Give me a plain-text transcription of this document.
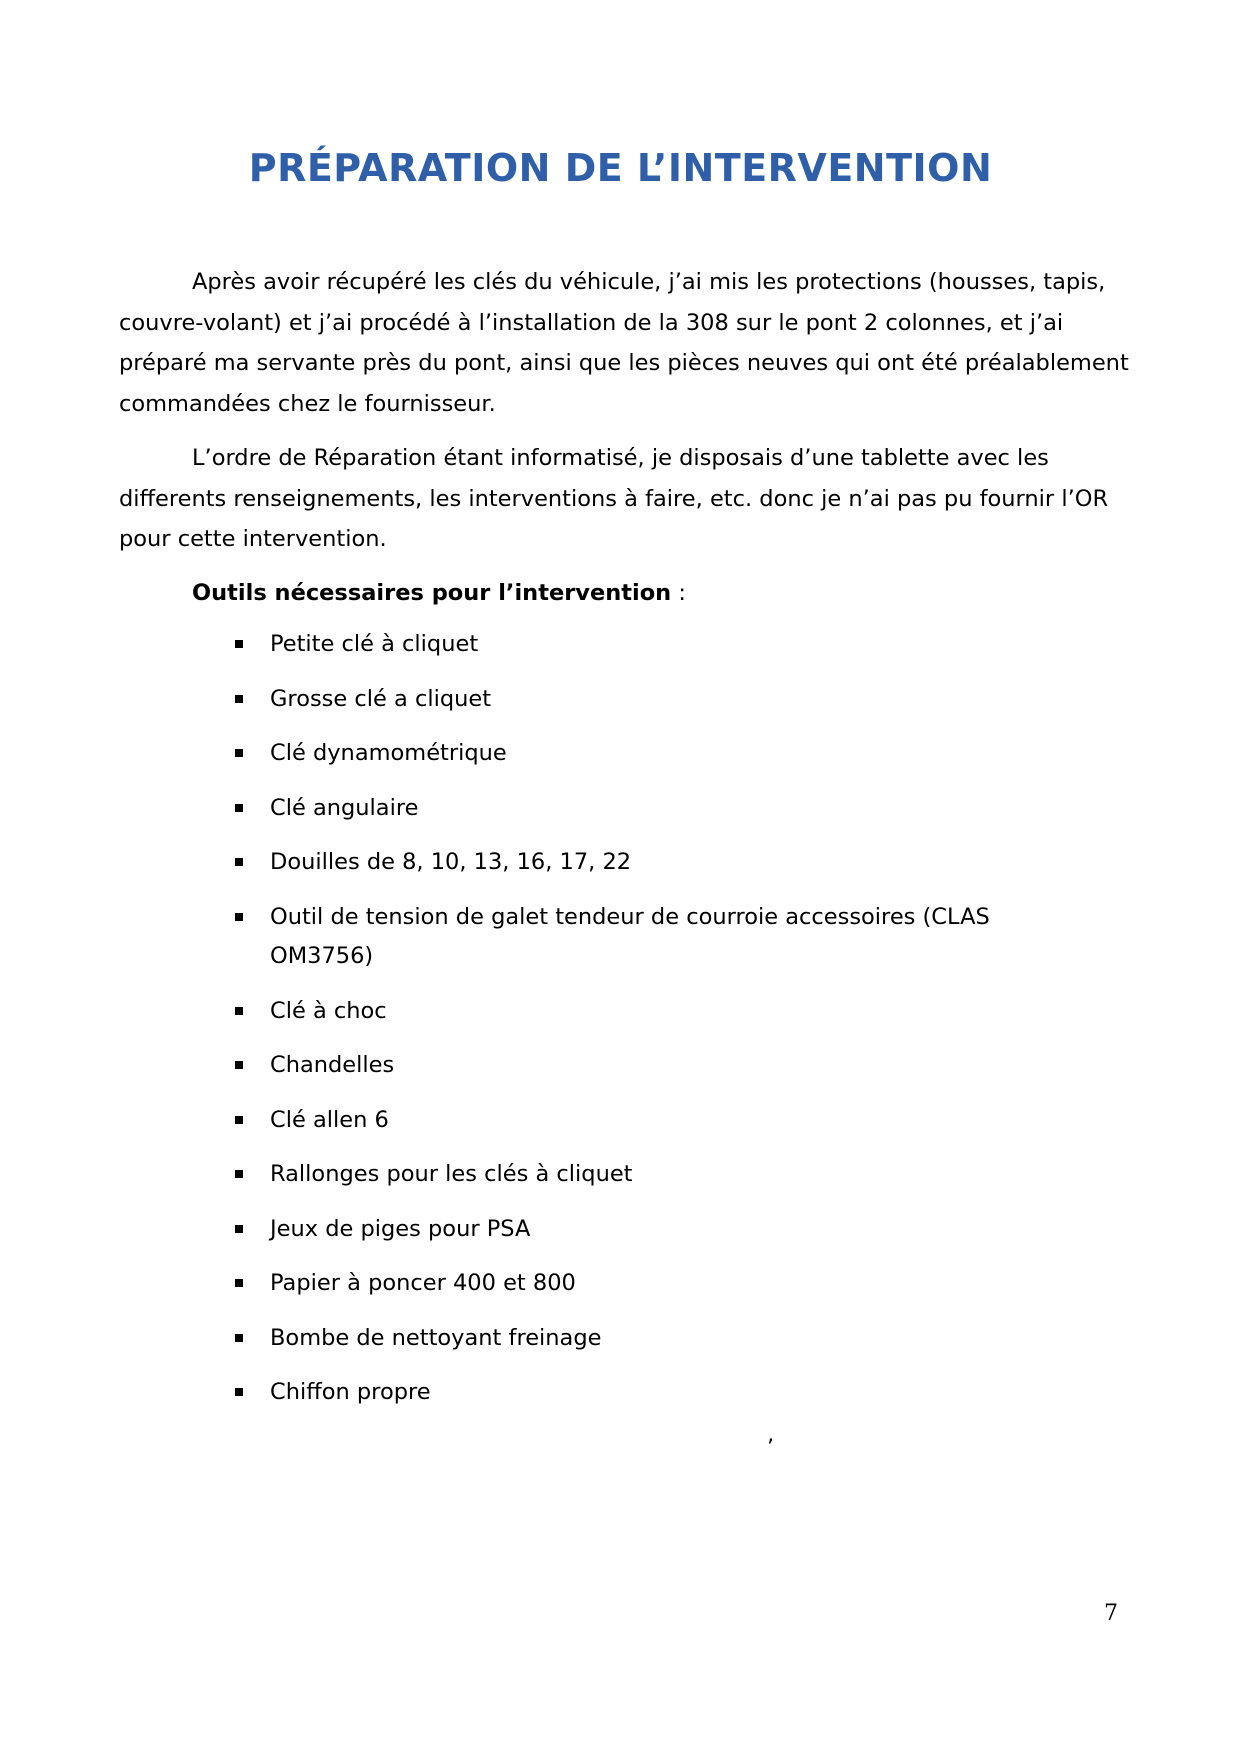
PRÉPARATION DE L’INTERVENTION

Après avoir récupéré les clés du véhicule, j’ai mis les protections (housses, tapis, couvre-volant) et j’ai procédé à l’installation de la 308 sur le pont 2 colonnes, et j’ai préparé ma servante près du pont, ainsi que les pièces neuves qui ont été préalablement commandées chez le fournisseur.

L’ordre de Réparation étant informatisé, je disposais d’une tablette avec les differents renseignements, les interventions à faire, etc. donc je n’ai pas pu fournir l’OR pour cette intervention.

Outils nécessaires pour l’intervention :
Petite clé à cliquet
Grosse clé a cliquet
Clé dynamométrique
Clé angulaire
Douilles de 8, 10, 13, 16, 17, 22
Outil de tension de galet tendeur de courroie accessoires (CLAS OM3756)
Clé à choc
Chandelles
Clé allen 6
Rallonges pour les clés à cliquet
Jeux de piges pour PSA
Papier à poncer 400 et 800
Bombe de nettoyant freinage
Chiffon propre
’
7
